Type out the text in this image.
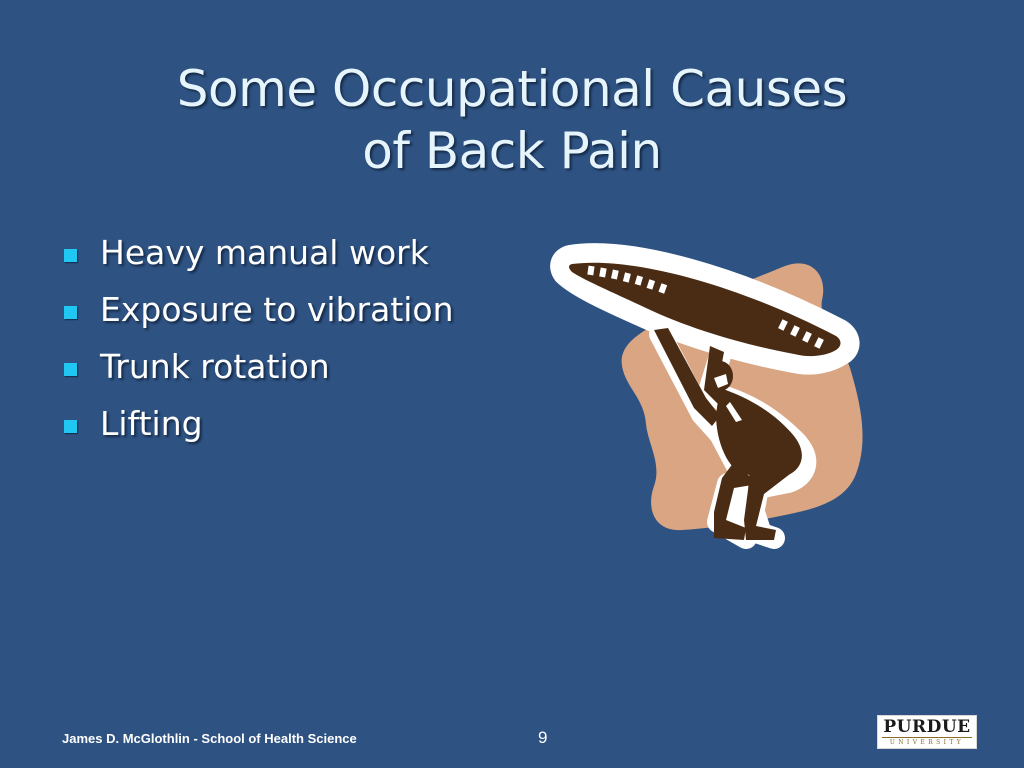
Some Occupational Causes
of Back Pain
Heavy manual work
Exposure to vibration
Trunk rotation
Lifting
James D. McGlothlin - School of Health Science	9
PURDUE
UNIVERSITY
